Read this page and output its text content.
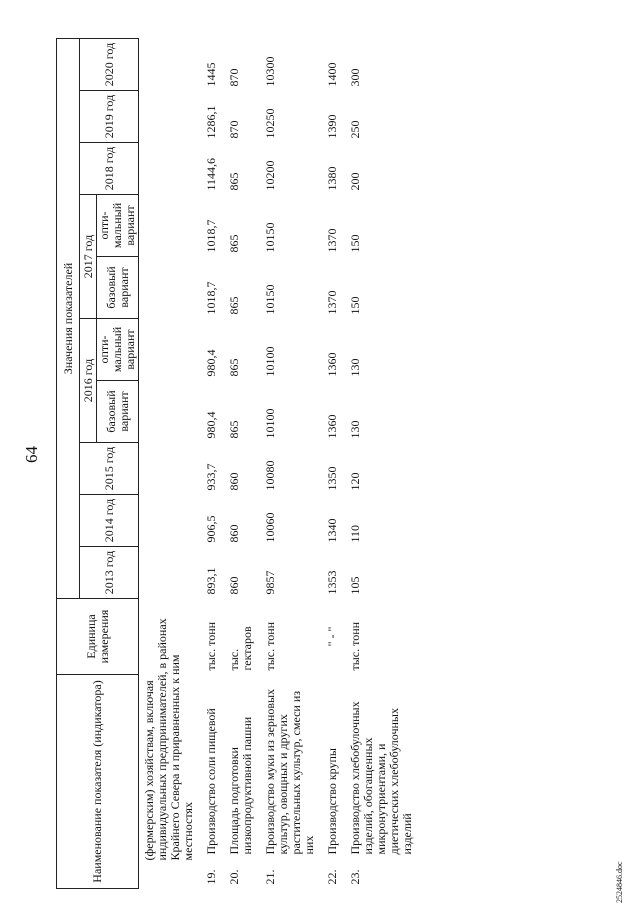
64
Наименование показателя (индикатора)	Единица измерения	Значения показателей									
		2013 год	2014 год	2015 год	2016 год		2017 год		2018 год	2019 год	2020 год
					базовый вариант	опти-мальный вариант	базовый вариант	опти-мальный вариант			

(фермерским) хозяйствам, включая индивидуальных предпринимателей, в районах Крайнего Севера и приравненных к ним местностях											

19.
Производство соли пищевой	тыс. тонн	893,1	906,5	933,7	980,4	980,4	1018,7	1018,7	1144,6	1286,1	1445

20.
Площадь подготовки низкопродуктивной пашни	тыс. гектаров	860	860	860	865	865	865	865	865	870	870

21.
Производство муки из зерновых культур, овощных и других растительных культур, смеси из них	тыс. тонн	9857	10060	10080	10100	10100	10150	10150	10200	10250	10300

22.
Производство крупы	" - "	1353	1340	1350	1360	1360	1370	1370	1380	1390	1400

23.
Производство хлебобулочных изделий, обогащенных микронутриентами, и диетических хлебобулочных изделий	тыс. тонн	105	110	120	130	130	150	150	200	250	300
2524846.doc
